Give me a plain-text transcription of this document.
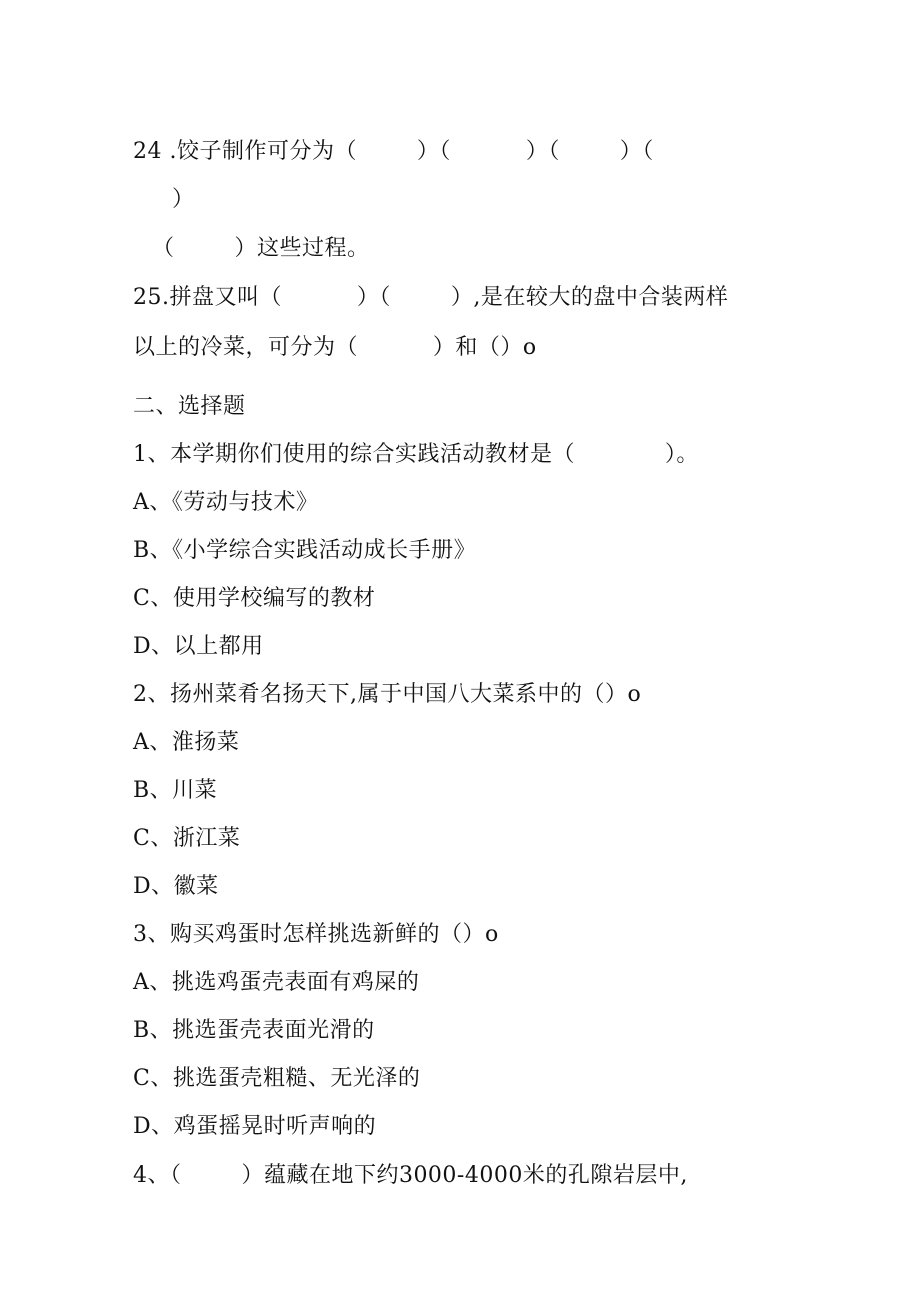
24 .饺子制作可分为（        ）（          ）（        ）（
）
（        ）这些过程。
25.拼盘又叫（          ）（        ）,是在较大的盘中合装两样
以上的冷菜，可分为（          ）和（）o
二、选择题
1、本学期你们使用的综合实践活动教材是（            ）。
A、《劳动与技术》
B、《小学综合实践活动成长手册》
C、使用学校编写的教材
D、以上都用
2、扬州菜肴名扬天下,属于中国八大菜系中的（）o
A、淮扬菜
B、川菜
C、浙江菜
D、徽菜
3、购买鸡蛋时怎样挑选新鲜的（）o
A、挑选鸡蛋壳表面有鸡屎的
B、挑选蛋壳表面光滑的
C、挑选蛋壳粗糙、无光泽的
D、鸡蛋摇晃时听声响的
4、（        ）蕴藏在地下约3000-4000米的孔隙岩层中,
